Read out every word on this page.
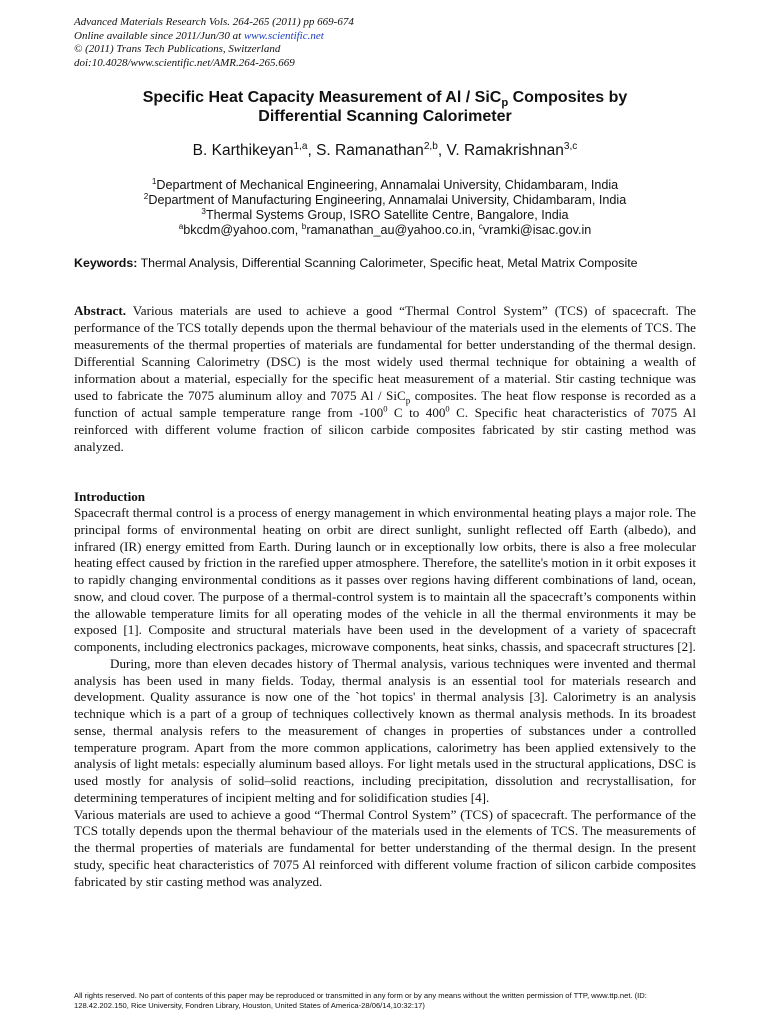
Advanced Materials Research Vols. 264-265 (2011) pp 669-674
Online available since 2011/Jun/30 at www.scientific.net
© (2011) Trans Tech Publications, Switzerland
doi:10.4028/www.scientific.net/AMR.264-265.669
Specific Heat Capacity Measurement of Al / SiC$_p$ Composites by
Differential Scanning Calorimeter
B. Karthikeyan$^{1,a}$, S. Ramanathan$^{2,b}$, V. Ramakrishnan$^{3,c}$
$^1$Department of Mechanical Engineering, Annamalai University, Chidambaram, India
$^2$Department of Manufacturing Engineering, Annamalai University, Chidambaram, India
$^3$Thermal Systems Group, ISRO Satellite Centre, Bangalore, India
$^a$bkcdm@yahoo.com, $^b$ramanathan_au@yahoo.co.in, $^c$vramki@isac.gov.in
Keywords: Thermal Analysis, Differential Scanning Calorimeter, Specific heat, Metal Matrix Composite
Abstract. Various materials are used to achieve a good “Thermal Control System” (TCS) of spacecraft. The performance of the TCS totally depends upon the thermal behaviour of the materials used in the elements of TCS. The measurements of the thermal properties of materials are fundamental for better understanding of the thermal design. Differential Scanning Calorimetry (DSC) is the most widely used thermal technique for obtaining a wealth of information about a material, especially for the specific heat measurement of a material. Stir casting technique was used to fabricate the 7075 aluminum alloy and 7075 Al / SiC$_p$ composites. The heat flow response is recorded as a function of actual sample temperature range from $-100^0$ C to $400^0$ C. Specific heat characteristics of 7075 Al reinforced with different volume fraction of silicon carbide composites fabricated by stir casting method was analyzed.
Introduction

Spacecraft thermal control is a process of energy management in which environmental heating plays a major role. The principal forms of environmental heating on orbit are direct sunlight, sunlight reflected off Earth (albedo), and infrared (IR) energy emitted from Earth. During launch or in exceptionally low orbits, there is also a free molecular heating effect caused by friction in the rarefied upper atmosphere. Therefore, the satellite's motion in it orbit exposes it to rapidly changing environmental conditions as it passes over regions having different combinations of land, ocean, snow, and cloud cover. The purpose of a thermal-control system is to maintain all the spacecraft’s components within the allowable temperature limits for all operating modes of the vehicle in all the thermal environments it may be exposed [1]. Composite and structural materials have been used in the development of a variety of spacecraft components, including electronics packages, microwave components, heat sinks, chassis, and spacecraft structures [2].

During, more than eleven decades history of Thermal analysis, various techniques were invented and thermal analysis has been used in many fields. Today, thermal analysis is an essential tool for materials research and development. Quality assurance is now one of the `hot topics' in thermal analysis [3]. Calorimetry is an analysis technique which is a part of a group of techniques collectively known as thermal analysis methods. In its broadest sense, thermal analysis refers to the measurement of changes in properties of substances under a controlled temperature program. Apart from the more common applications, calorimetry has been applied extensively to the analysis of light metals: especially aluminum based alloys. For light metals used in the structural applications, DSC is used mostly for analysis of solid–solid reactions, including precipitation, dissolution and recrystallisation, for determining temperatures of incipient melting and for solidification studies [4].

Various materials are used to achieve a good “Thermal Control System” (TCS) of spacecraft. The performance of the TCS totally depends upon the thermal behaviour of the materials used in the elements of TCS. The measurements of the thermal properties of materials are fundamental for better understanding of the thermal design. In the present study, specific heat characteristics of 7075 Al reinforced with different volume fraction of silicon carbide composites fabricated by stir casting method was analyzed.

All rights reserved. No part of contents of this paper may be reproduced or transmitted in any form or by any means without the written permission of TTP, www.ttp.net. (ID: 128.42.202.150, Rice University, Fondren Library, Houston, United States of America-28/06/14,10:32:17)
